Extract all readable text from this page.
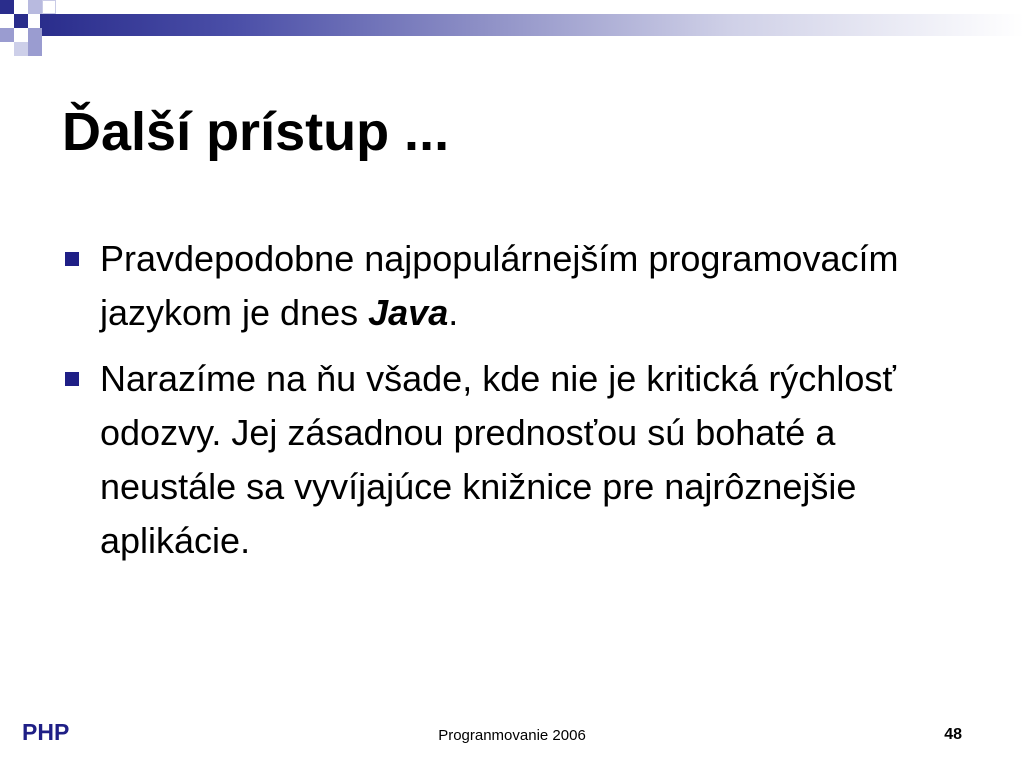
Ďalší prístup ...
Pravdepodobne najpopulárnejším programovacím jazykom je dnes Java.
Narazíme na ňu všade, kde nie je kritická rýchlosť odozvy. Jej zásadnou prednosťou sú bohaté a neustále sa vyvíjajúce knižnice pre najrôznejšie aplikácie.
PHP	Progranmovanie 2006	48
